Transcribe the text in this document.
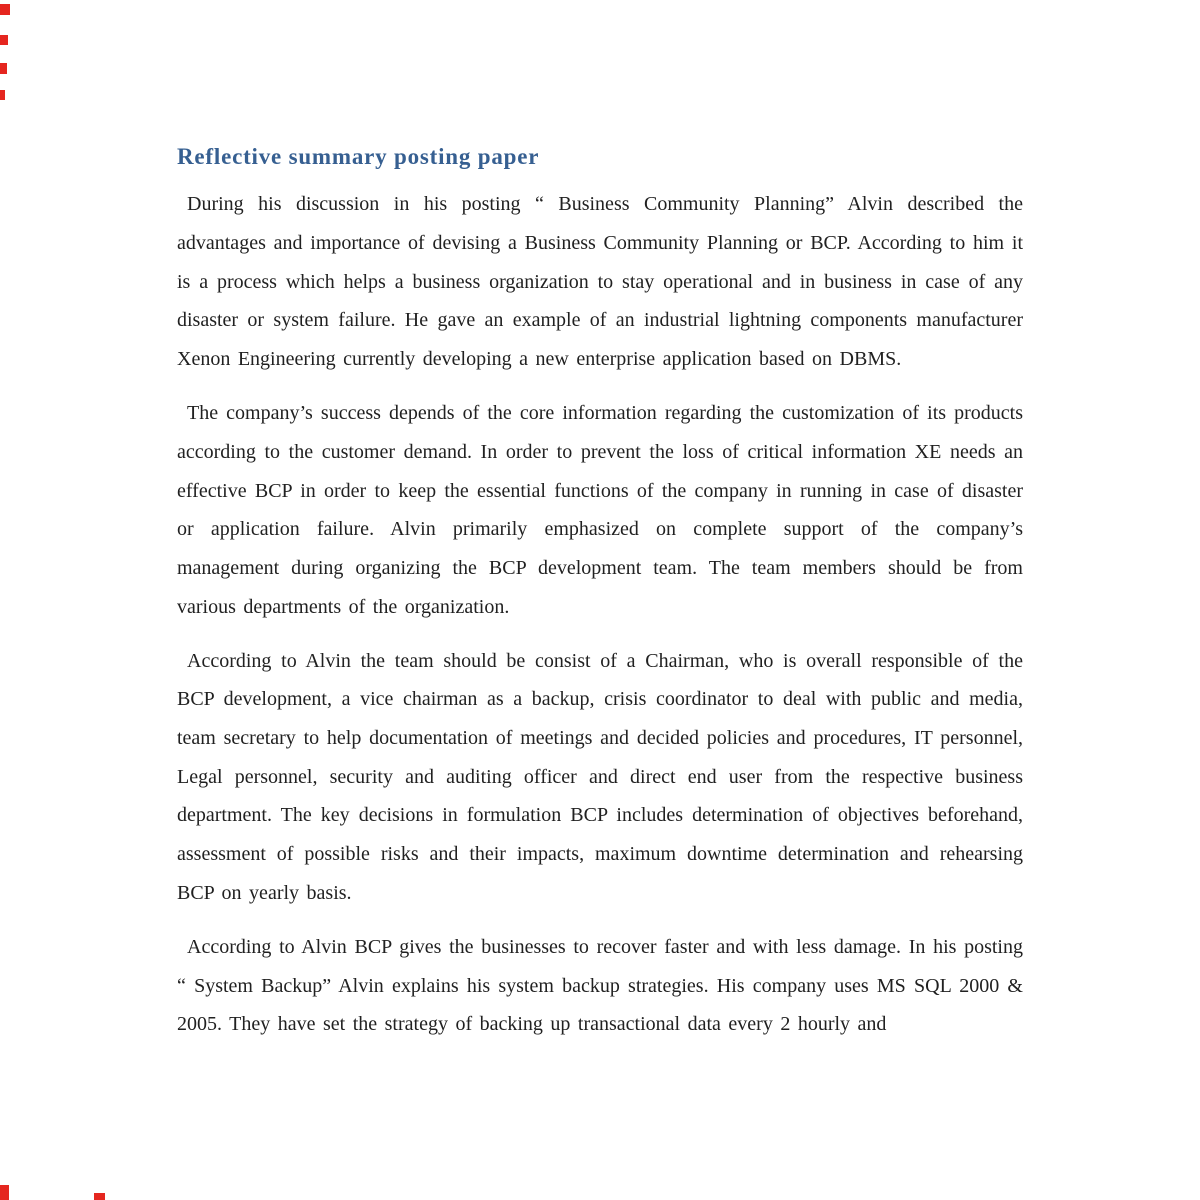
Reflective summary posting paper

During his discussion in his posting “ Business Community Planning” Alvin described the advantages and importance of devising a Business Community Planning or BCP. According to him it is a process which helps a business organization to stay operational and in business in case of any disaster or system failure. He gave an example of an industrial lightning components manufacturer Xenon Engineering currently developing a new enterprise application based on DBMS.

The company’s success depends of the core information regarding the customization of its products according to the customer demand. In order to prevent the loss of critical information XE needs an effective BCP in order to keep the essential functions of the company in running in case of disaster or application failure. Alvin primarily emphasized on complete support of the company’s management during organizing the BCP development team. The team members should be from various departments of the organization.

According to Alvin the team should be consist of a Chairman, who is overall responsible of the BCP development, a vice chairman as a backup, crisis coordinator to deal with public and media, team secretary to help documentation of meetings and decided policies and procedures, IT personnel, Legal personnel, security and auditing officer and direct end user from the respective business department. The key decisions in formulation BCP includes determination of objectives beforehand, assessment of possible risks and their impacts, maximum downtime determination and rehearsing BCP on yearly basis.

According to Alvin BCP gives the businesses to recover faster and with less damage. In his posting “ System Backup” Alvin explains his system backup strategies. His company uses MS SQL 2000 & 2005. They have set the strategy of backing up transactional data every 2 hourly and
